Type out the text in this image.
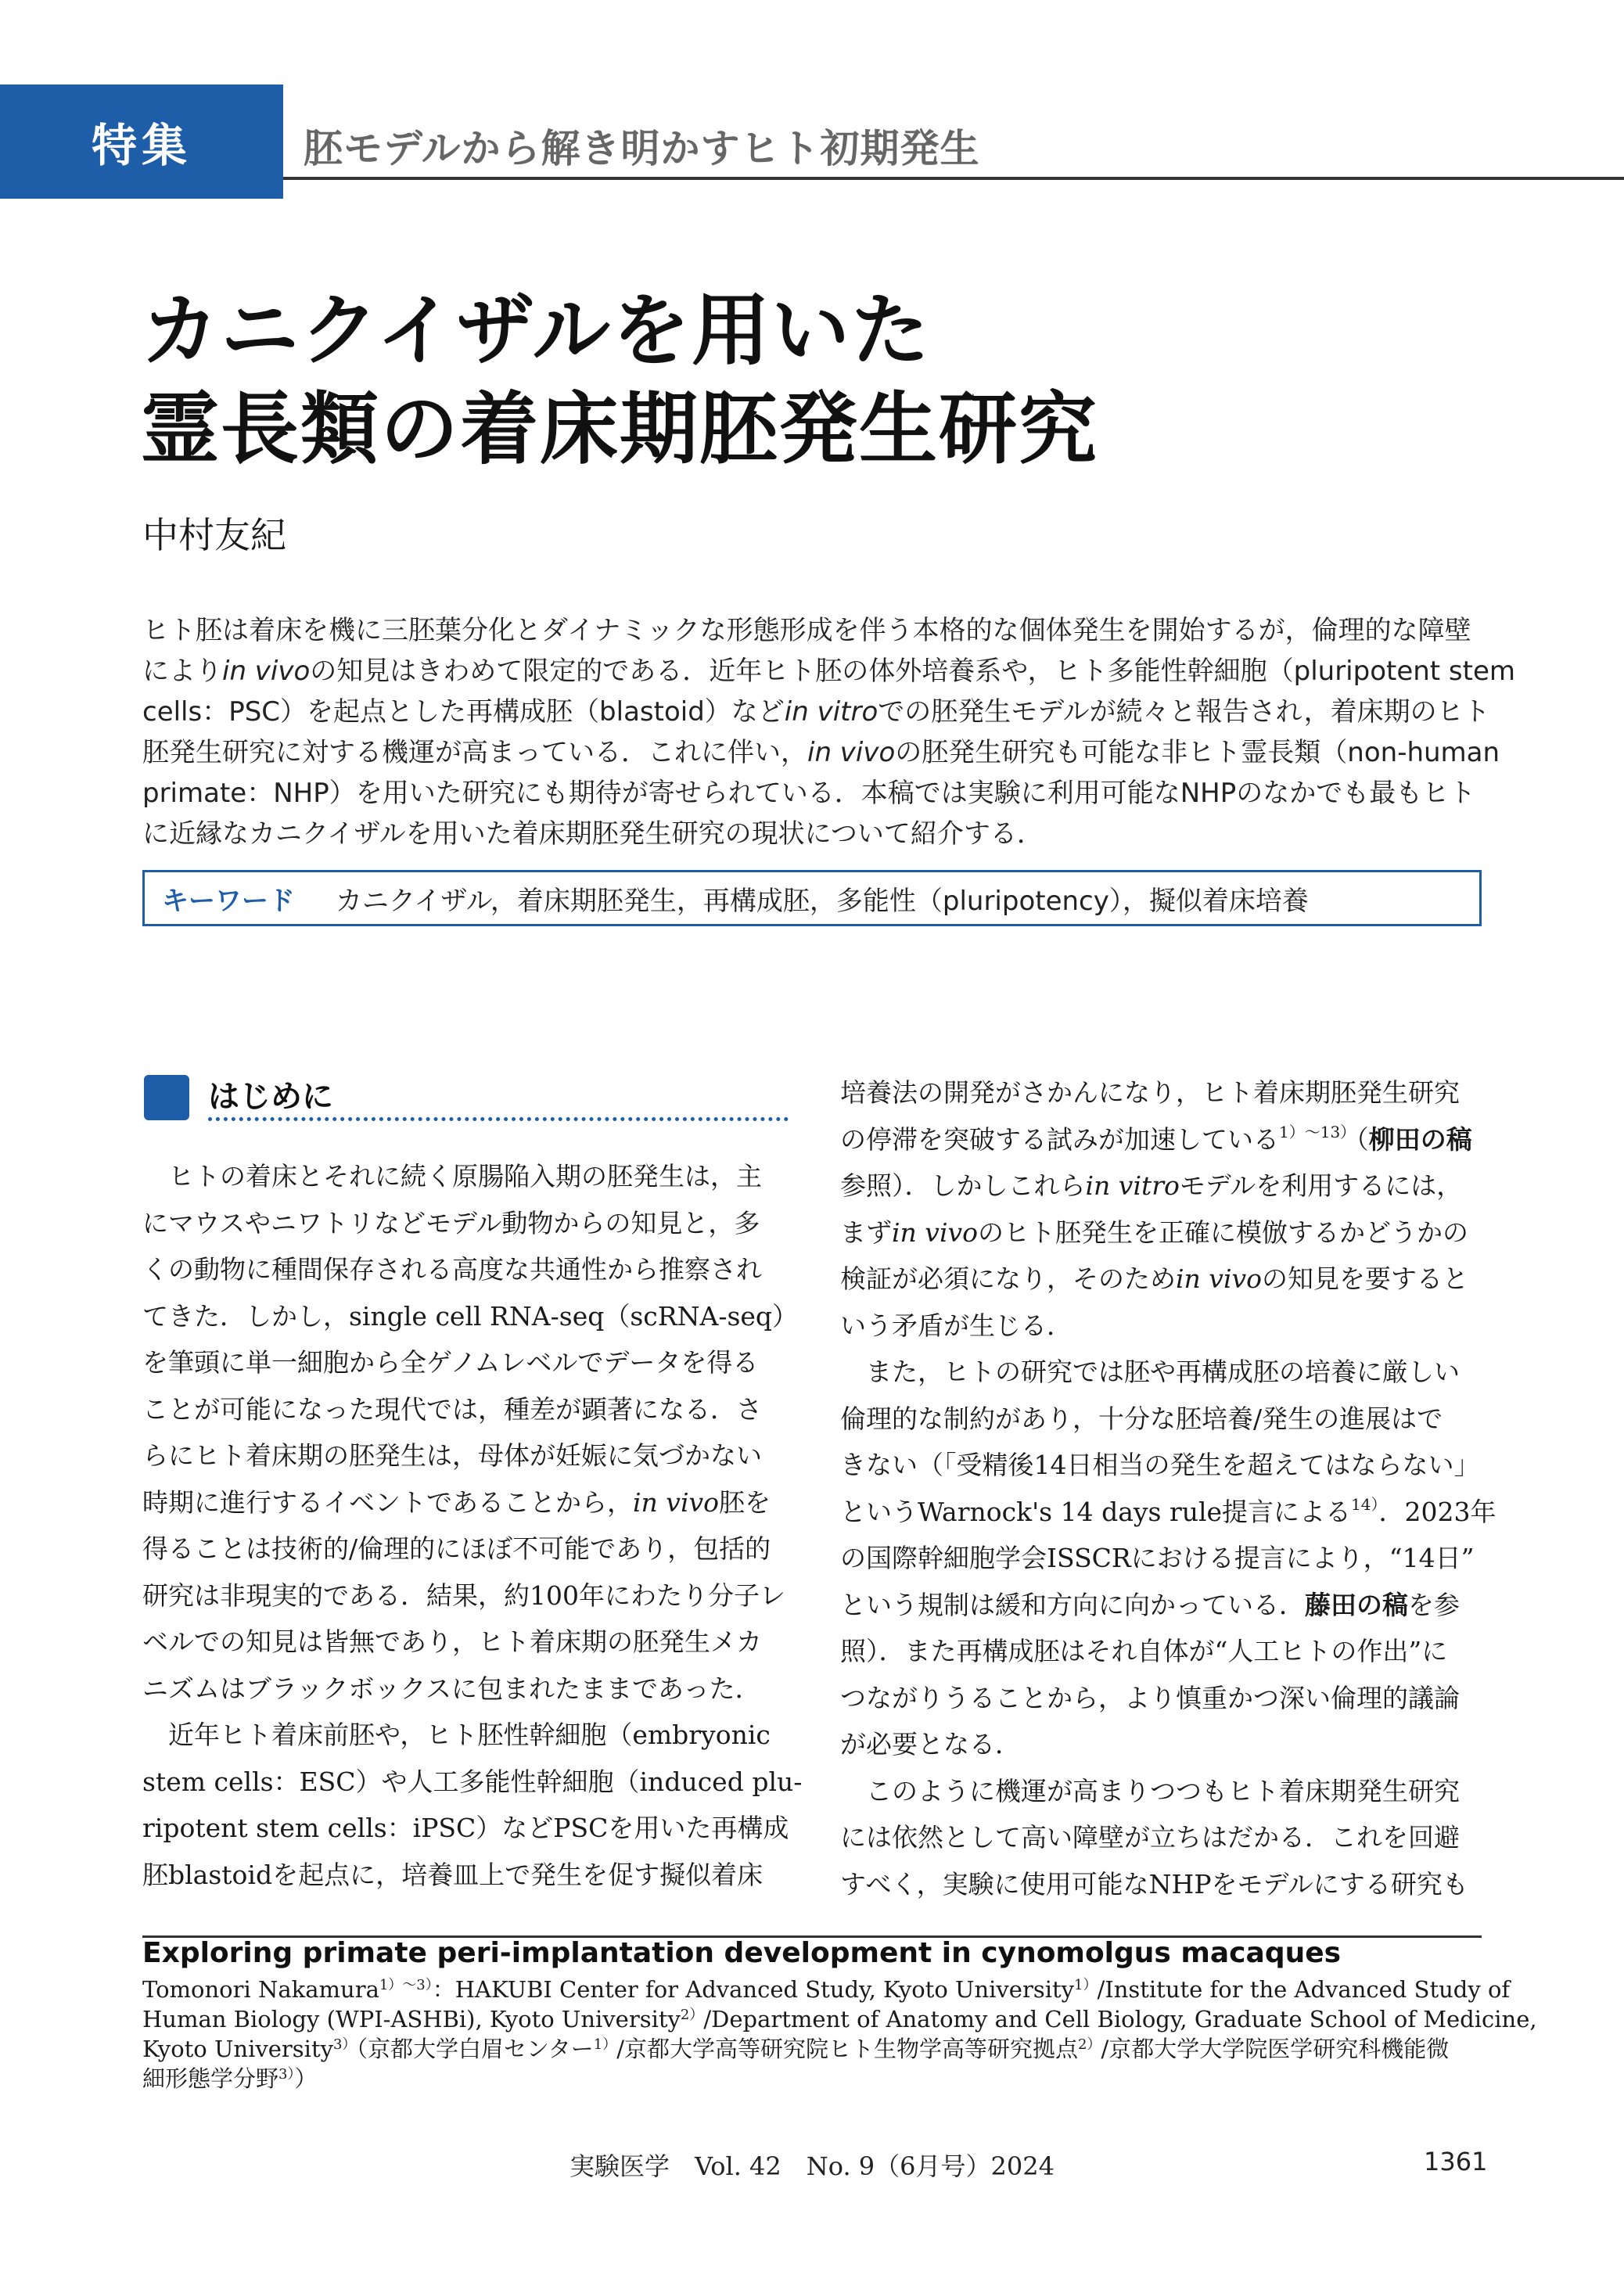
特集	胚モデルから解き明かすヒト初期発生
カニクイザルを用いた
霊長類の着床期胚発生研究
中村友紀
ヒト胚は着床を機に三胚葉分化とダイナミックな形態形成を伴う本格的な個体発生を開始するが，倫理的な障壁
によりin vivoの知見はきわめて限定的である．近年ヒト胚の体外培養系や，ヒト多能性幹細胞（pluripotent stem
cells：PSC）を起点とした再構成胚（blastoid）などin vitroでの胚発生モデルが続々と報告され，着床期のヒト
胚発生研究に対する機運が高まっている．これに伴い，in vivoの胚発生研究も可能な非ヒト霊長類（non-human
primate：NHP）を用いた研究にも期待が寄せられている．本稿では実験に利用可能なNHPのなかでも最もヒト
に近縁なカニクイザルを用いた着床期胚発生研究の現状について紹介する．
キーワード	カニクイザル，着床期胚発生，再構成胚，多能性（pluripotency），擬似着床培養
はじめに
　ヒトの着床とそれに続く原腸陥入期の胚発生は，主
にマウスやニワトリなどモデル動物からの知見と，多
くの動物に種間保存される高度な共通性から推察され
てきた．しかし，single cell RNA-seq（scRNA-seq）
を筆頭に単一細胞から全ゲノムレベルでデータを得る
ことが可能になった現代では，種差が顕著になる．さ
らにヒト着床期の胚発生は，母体が妊娠に気づかない
時期に進行するイベントであることから，in vivo胚を
得ることは技術的/倫理的にほぼ不可能であり，包括的
研究は非現実的である．結果，約100年にわたり分子レ
ベルでの知見は皆無であり，ヒト着床期の胚発生メカ
ニズムはブラックボックスに包まれたままであった．
　近年ヒト着床前胚や，ヒト胚性幹細胞（embryonic
stem cells：ESC）や人工多能性幹細胞（induced plu-
ripotent stem cells：iPSC）などPSCを用いた再構成
胚blastoidを起点に，培養皿上で発生を促す擬似着床
培養法の開発がさかんになり，ヒト着床期胚発生研究
の停滞を突破する試みが加速している$^{1)\sim 13)}$（柳田の稿
参照）．しかしこれらin vitroモデルを利用するには，
まずin vivoのヒト胚発生を正確に模倣するかどうかの
検証が必須になり，そのためin vivoの知見を要すると
いう矛盾が生じる．
　また，ヒトの研究では胚や再構成胚の培養に厳しい
倫理的な制約があり，十分な胚培養/発生の進展はで
きない（「受精後14日相当の発生を超えてはならない」
というWarnock's 14 days rule提言による$^{14)}$．2023年
の国際幹細胞学会ISSCRにおける提言により，“14日”
という規制は緩和方向に向かっている．藤田の稿を参
照）．また再構成胚はそれ自体が“人工ヒトの作出”に
つながりうることから，より慎重かつ深い倫理的議論
が必要となる．
　このように機運が高まりつつもヒト着床期発生研究
には依然として高い障壁が立ちはだかる．これを回避
すべく，実験に使用可能なNHPをモデルにする研究も
Exploring primate peri-implantation development in cynomolgus macaques
Tomonori Nakamura$^{1)\sim 3)}$：HAKUBI Center for Advanced Study, Kyoto University$^{1)}$/Institute for the Advanced Study of
Human Biology (WPI-ASHBi), Kyoto University$^{2)}$/Department of Anatomy and Cell Biology, Graduate School of Medicine,
Kyoto University$^{3)}$（京都大学白眉センター$^{1)}$/京都大学高等研究院ヒト生物学高等研究拠点$^{2)}$/京都大学大学院医学研究科機能微
細形態学分野$^{3)}$）
実験医学　Vol. 42　No. 9（6月号）2024	1361
